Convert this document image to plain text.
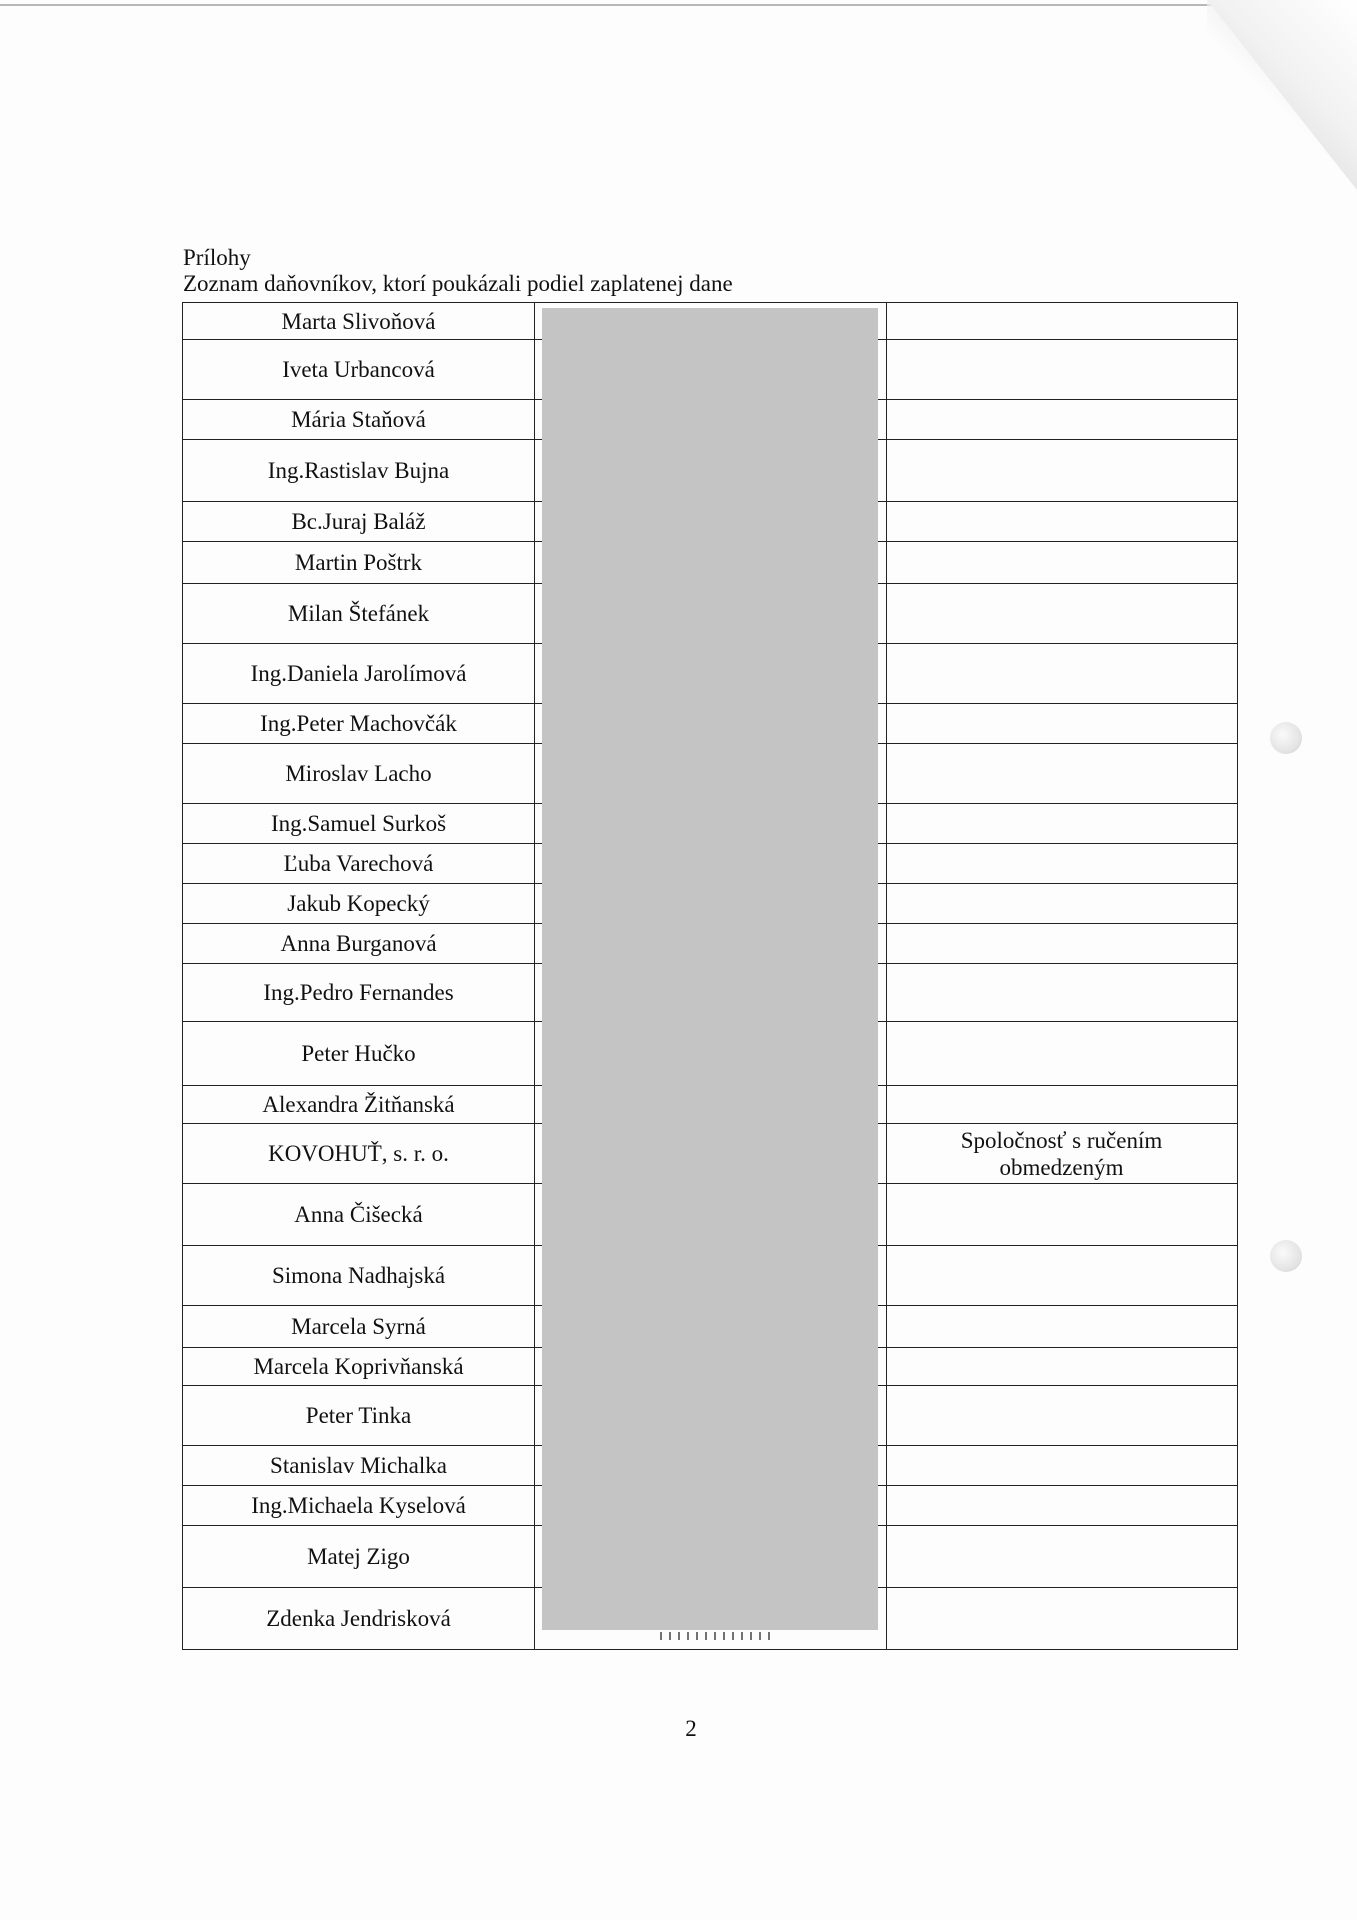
Prílohy
Zoznam daňovníkov, ktorí poukázali podiel zaplatenej dane
Marta Slivoňová
Iveta Urbancová
Mária Staňová
Ing.Rastislav Bujna
Bc.Juraj Baláž
Martin Poštrk
Milan Štefánek
Ing.Daniela Jarolímová
Ing.Peter Machovčák
Miroslav Lacho
Ing.Samuel Surkoš
Ľuba Varechová
Jakub Kopecký
Anna Burganová
Ing.Pedro Fernandes
Peter Hučko
Alexandra Žitňanská
KOVOHUŤ, s. r. o.
Spoločnosť s ručením obmedzeným
Anna Čišecká
Simona Nadhajská
Marcela Syrná
Marcela Koprivňanská
Peter Tinka
Stanislav Michalka
Ing.Michaela Kyselová
Matej Zigo
Zdenka Jendrisková
2
